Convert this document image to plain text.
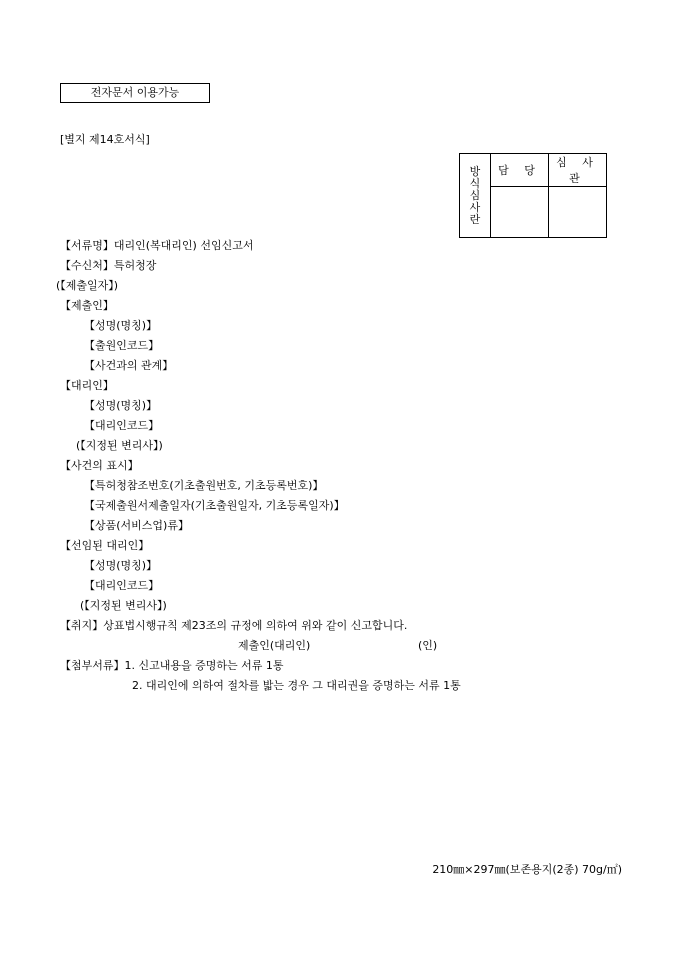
전자문서 이용가능
[별지 제14호서식]
방
식
심
사
란	담 당	심 사 관

【서류명】대리인(복대리인) 선임신고서
【수신처】특허청장
(【제출일자】)
【제출인】
【성명(명칭)】
【출원인코드】
【사건과의 관계】
【대리인】
【성명(명칭)】
【대리인코드】
(【지정된 변리사】)
【사건의 표시】
【특허청참조번호(기초출원번호, 기초등록번호)】
【국제출원서제출일자(기초출원일자, 기초등록일자)】
【상품(서비스업)류】
【선임된 대리인】
【성명(명칭)】
【대리인코드】
(【지정된 변리사】)
【취지】상표법시행규칙 제23조의 규정에 의하여 위와 같이 신고합니다.
제출인(대리인)	(인)
【첨부서류】1. 신고내용을 증명하는 서류 1통
2. 대리인에 의하여 절차를 밟는 경우 그 대리권을 증명하는 서류 1통
210㎜×297㎜(보존용지(2종) 70g/㎡)
